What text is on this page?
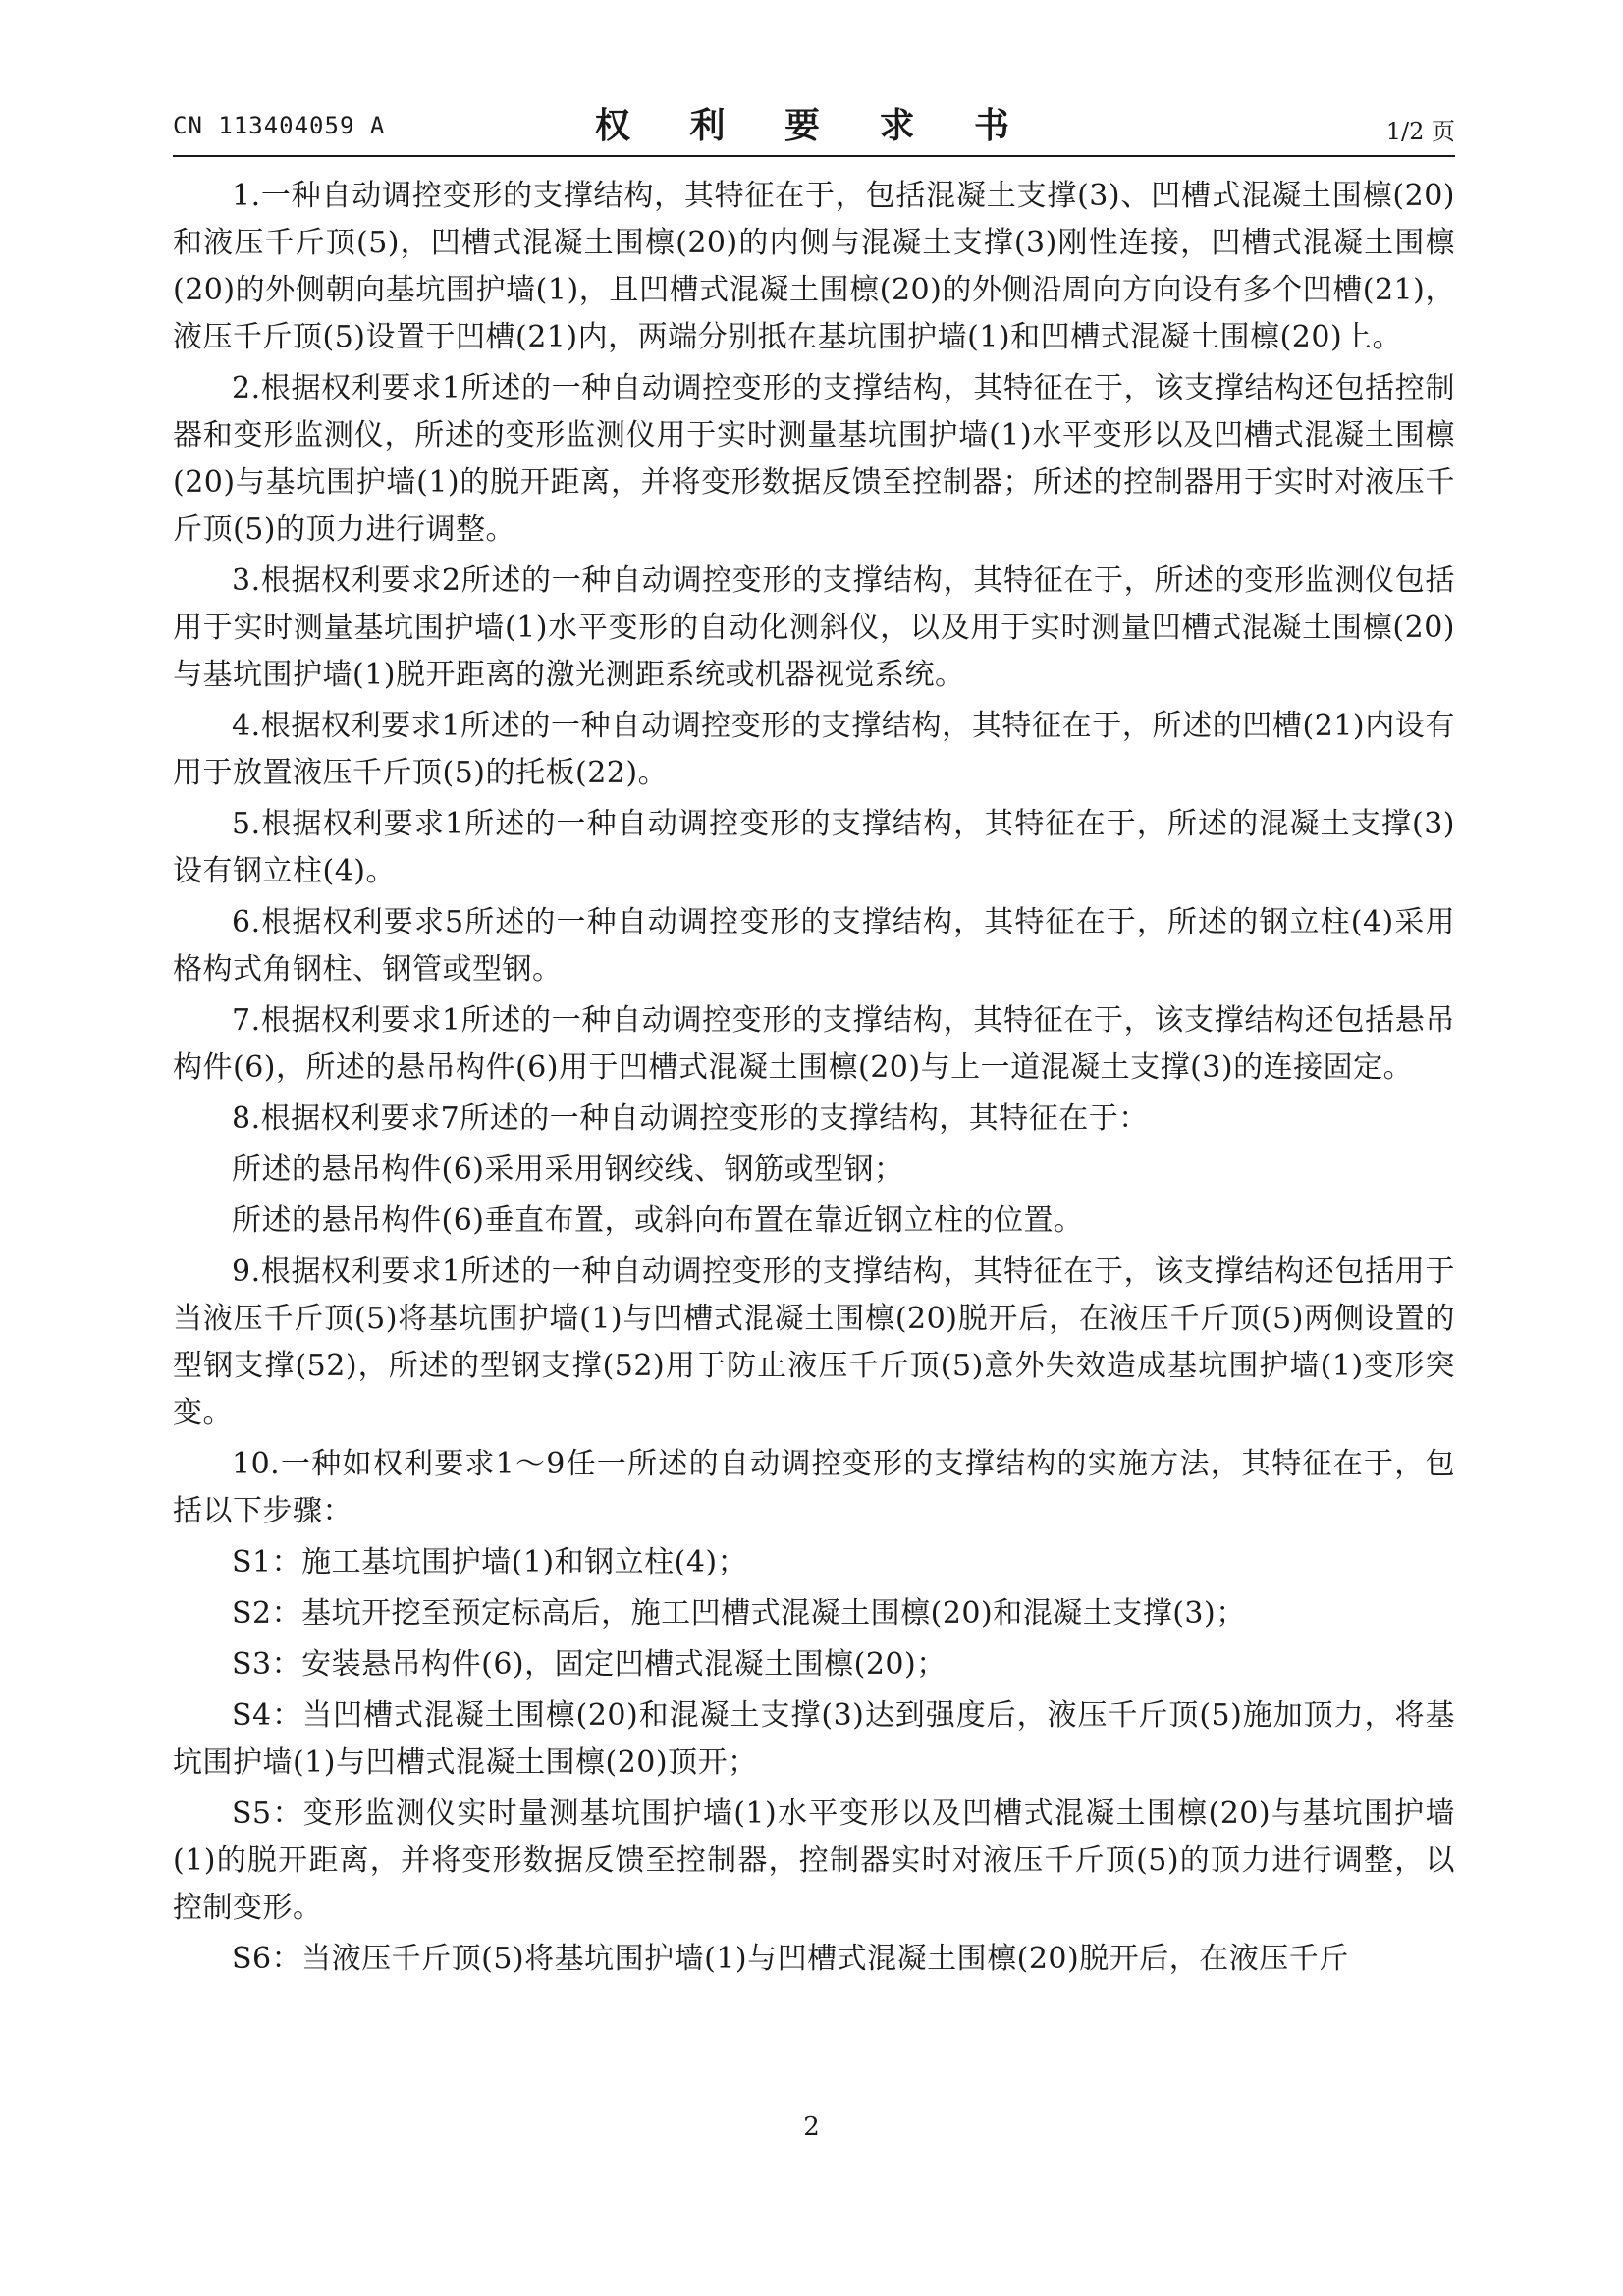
CN 113404059 A	权 利 要 求 书	1/2 页

1.一种自动调控变形的支撑结构，其特征在于，包括混凝土支撑(3)、凹槽式混凝土围檩(20)和液压千斤顶(5)，凹槽式混凝土围檩(20)的内侧与混凝土支撑(3)刚性连接，凹槽式混凝土围檩(20)的外侧朝向基坑围护墙(1)，且凹槽式混凝土围檩(20)的外侧沿周向方向设有多个凹槽(21)，液压千斤顶(5)设置于凹槽(21)内，两端分别抵在基坑围护墙(1)和凹槽式混凝土围檩(20)上。

2.根据权利要求1所述的一种自动调控变形的支撑结构，其特征在于，该支撑结构还包括控制器和变形监测仪，所述的变形监测仪用于实时测量基坑围护墙(1)水平变形以及凹槽式混凝土围檩(20)与基坑围护墙(1)的脱开距离，并将变形数据反馈至控制器；所述的控制器用于实时对液压千斤顶(5)的顶力进行调整。

3.根据权利要求2所述的一种自动调控变形的支撑结构，其特征在于，所述的变形监测仪包括用于实时测量基坑围护墙(1)水平变形的自动化测斜仪，以及用于实时测量凹槽式混凝土围檩(20)与基坑围护墙(1)脱开距离的激光测距系统或机器视觉系统。

4.根据权利要求1所述的一种自动调控变形的支撑结构，其特征在于，所述的凹槽(21)内设有用于放置液压千斤顶(5)的托板(22)。

5.根据权利要求1所述的一种自动调控变形的支撑结构，其特征在于，所述的混凝土支撑(3)设有钢立柱(4)。

6.根据权利要求5所述的一种自动调控变形的支撑结构，其特征在于，所述的钢立柱(4)采用格构式角钢柱、钢管或型钢。

7.根据权利要求1所述的一种自动调控变形的支撑结构，其特征在于，该支撑结构还包括悬吊构件(6)，所述的悬吊构件(6)用于凹槽式混凝土围檩(20)与上一道混凝土支撑(3)的连接固定。

8.根据权利要求7所述的一种自动调控变形的支撑结构，其特征在于：

所述的悬吊构件(6)采用采用钢绞线、钢筋或型钢；

所述的悬吊构件(6)垂直布置，或斜向布置在靠近钢立柱的位置。

9.根据权利要求1所述的一种自动调控变形的支撑结构，其特征在于，该支撑结构还包括用于当液压千斤顶(5)将基坑围护墙(1)与凹槽式混凝土围檩(20)脱开后，在液压千斤顶(5)两侧设置的型钢支撑(52)，所述的型钢支撑(52)用于防止液压千斤顶(5)意外失效造成基坑围护墙(1)变形突变。

10.一种如权利要求1～9任一所述的自动调控变形的支撑结构的实施方法，其特征在于，包括以下步骤：

S1：施工基坑围护墙(1)和钢立柱(4)；

S2：基坑开挖至预定标高后，施工凹槽式混凝土围檩(20)和混凝土支撑(3)；

S3：安装悬吊构件(6)，固定凹槽式混凝土围檩(20)；

S4：当凹槽式混凝土围檩(20)和混凝土支撑(3)达到强度后，液压千斤顶(5)施加顶力，将基坑围护墙(1)与凹槽式混凝土围檩(20)顶开；

S5：变形监测仪实时量测基坑围护墙(1)水平变形以及凹槽式混凝土围檩(20)与基坑围护墙(1)的脱开距离，并将变形数据反馈至控制器，控制器实时对液压千斤顶(5)的顶力进行调整，以控制变形。

S6：当液压千斤顶(5)将基坑围护墙(1)与凹槽式混凝土围檩(20)脱开后，在液压千斤

2
